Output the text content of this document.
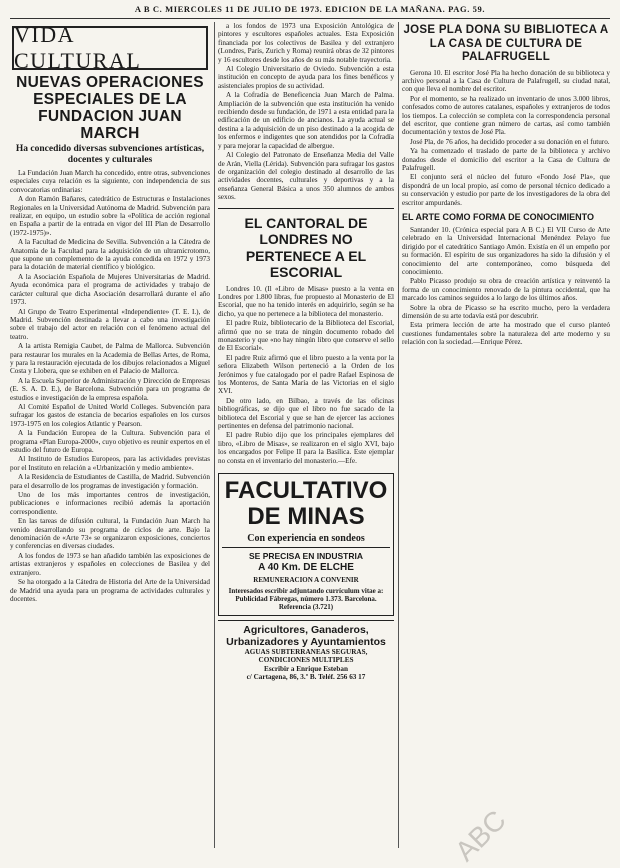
A B C. MIERCOLES 11 DE JULIO DE 1973. EDICION DE LA MAÑANA. PAG. 59.
VIDA CULTURAL
NUEVAS OPERACIONES ESPECIALES DE LA FUNDACION JUAN MARCH
Ha concedido diversas subvenciones artísticas, docentes y culturales

La Fundación Juan March ha concedido, entre otras, subvenciones especiales cuya relación es la siguiente, con independencia de sus convocatorias ordinarias:

A don Ramón Bañares, catedrático de Estructuras e Instalaciones Regionales en la Universidad Autónoma de Madrid. Subvención para realizar, en equipo, un estudio sobre la «Política de acción regional en España a partir de la entrada en vigor del III Plan de Desarrollo (1972-1975)».

A la Facultad de Medicina de Sevilla. Subvención a la Cátedra de Anatomía de la Facultad para la adquisición de un ultramicrotomo, que supone un complemento de la ayuda concedida en 1972 y 1973 para la dotación de material científico y biológico.

A la Asociación Española de Mujeres Universitarias de Madrid. Ayuda económica para el programa de actividades y trabajo de carácter cultural que dicha Asociación desarrollará durante el año 1973.

Al Grupo de Teatro Experimental «Independiente» (T. E. I.), de Madrid. Subvención destinada a llevar a cabo una investigación sobre el trabajo del actor en relación con el fenómeno actual del teatro.

A la artista Remigia Caubet, de Palma de Mallorca. Subvención para restaurar los murales en la Academia de Bellas Artes, de Roma, y para la restauración ejecutada de los dibujos relacionados a Miguel Costa y Llobera, que se exhiben en el Palacio de Mallorca.

A la Escuela Superior de Administración y Dirección de Empresas (E. S. A. D. E.), de Barcelona. Subvención para un programa de estudios e investigación de la empresa española.

Al Comité Español de United World Colleges. Subvención para sufragar los gastos de estancia de becarios españoles en los cursos 1973-1975 en los colegios Atlantic y Pearson.

A la Fundación Europea de la Cultura. Subvención para el programa «Plan Europa-2000», cuyo objetivo es reunir expertos en el estudio del futuro de Europa.

Al Instituto de Estudios Europeos, para las actividades previstas por el Instituto en relación a «Urbanización y medio ambiente».

A la Residencia de Estudiantes de Castilla, de Madrid. Subvención para el desarrollo de los programas de investigación y formación.

Uno de los más importantes centros de investigación, publicaciones e informaciones recibió además la aportación correspondiente.

En las tareas de difusión cultural, la Fundación Juan March ha venido desarrollando su programa de ciclos de arte. Bajo la denominación de «Arte 73» se organizaron exposiciones, conciertos y conferencias en diversas ciudades.

A los fondos de 1973 se han añadido también las exposiciones de artistas extranjeros y españoles en colecciones de Basilea y del extranjero.

Se ha otorgado a la Cátedra de Historia del Arte de la Universidad de Madrid una ayuda para un programa de actividades culturales y docentes.

a los fondos de 1973 una Exposición Antológica de pintores y escultores españoles actuales. Esta Exposición financiada por los colectivos de Basilea y del extranjero (Londres, París, Zurich y Roma) reunirá obras de 32 pintores y 16 escultores desde los años de su más notable trayectoria.

Al Colegio Universitario de Oviedo. Subvención a esta institución en concepto de ayuda para los fines benéficos y asistenciales propios de su actividad.

A la Cofradía de Beneficencia Juan March de Palma. Ampliación de la subvención que esta institución ha venido recibiendo desde su fundación, de 1971 a esta entidad para la edificación de un edificio de ancianos. La ayuda actual se destina a la adquisición de un piso destinado a la acogida de los enfermos e indigentes que son atendidos por la Cofradía y para mejorar la capacidad de albergue.

Al Colegio del Patronato de Enseñanza Media del Valle de Arán, Viella (Lérida). Subvención para sufragar los gastos de organización del colegio destinado al desarrollo de las actividades docentes, culturales y deportivas y a la enseñanza General Básica a unos 350 alumnos de ambos sexos.

EL CANTORAL DE LONDRES NO PERTENECE A EL ESCORIAL

Londres 10. (Il «Libro de Misas» puesto a la venta en Londres por 1.800 libras, fue propuesto al Monasterio de El Escorial, que no ha tenido interés en adquirirlo, según se ha dicho, ya que no pertenece a la biblioteca del monasterio.

El padre Ruiz, bibliotecario de la Biblioteca del Escorial, afirmó que no se trata de ningún documento robado del monasterio y que «no hay ningún libro que conserve el sello de El Escorial».

El padre Ruiz afirmó que el libro puesto a la venta por la señora Elizabeth Wilson perteneció a la Orden de los Jerónimos y fue catalogado por el padre Rafael Espinosa de los Monteros, de Santa María de las Victorias en el siglo XVI.

De otro lado, en Bilbao, a través de las oficinas bibliográficas, se dijo que el libro no fue sacado de la biblioteca del Escorial y que se han de ejercer las acciones pertinentes en defensa del patrimonio nacional.

El padre Rubio dijo que los principales ejemplares del libro, «Libro de Misas», se realizaron en el siglo XVI, bajo los encargados por Felipe II para la Basílica. Este ejemplar no consta en el inventario del monasterio.—Efe.

FACULTATIVO DE MINAS
Con experiencia en sondeos
SE PRECISA EN INDUSTRIA
A 40 Km. DE ELCHE
REMUNERACION A CONVENIR
Interesados escribir adjuntando currículum vitae a: Publicidad Fábregas, número 1.373. Barcelona. Referencia (3.721)
Agricultores, Ganaderos, Urbanizadores y Ayuntamientos
AGUAS SUBTERRANEAS SEGURAS, CONDICIONES MULTIPLES
Escribir a Enrique Esteban
c/ Cartagena, 86, 3.º B. Teléf. 256 63 17
JOSE PLA DONA SU BIBLIOTECA A LA CASA DE CULTURA DE PALAFRUGELL

Gerona 10. El escritor José Pla ha hecho donación de su biblioteca y archivo personal a la Casa de Cultura de Palafrugell, su ciudad natal, con que lleva el nombre del escritor.

Por el momento, se ha realizado un inventario de unos 3.000 libros, confesados como de autores catalanes, españoles y extranjeros de todos los tiempos. La colección se completa con la correspondencia personal del escritor, que contiene gran número de cartas, así como también documentación y textos de José Pla.

José Pla, de 76 años, ha decidido proceder a su donación en el futuro.

Ya ha comenzado el traslado de parte de la biblioteca y archivo donados desde el domicilio del escritor a la Casa de Cultura de Palafrugell.

El conjunto será el núcleo del futuro «Fondo José Pla», que dispondrá de un local propio, así como de personal técnico dedicado a su conservación y estudio por parte de los investigadores de la obra del escritor ampurdanés.

EL ARTE COMO FORMA DE CONOCIMIENTO

Santander 10. (Crónica especial para A B C.) El VII Curso de Arte celebrado en la Universidad Internacional Menéndez Pelayo fue dirigido por el catedrático Santiago Amón. Existía en él un empeño por su formación. El espíritu de sus organizadores ha sido la difusión y el conocimiento del arte contemporáneo, como búsqueda del conocimiento.

Pablo Picasso produjo su obra de creación artística y reinventó la forma de un conocimiento renovado de la pintura occidental, que ha marcado los caminos seguidos a lo largo de los últimos años.

Sobre la obra de Picasso se ha escrito mucho, pero la verdadera dimensión de su arte todavía está por descubrir.

Esta primera lección de arte ha mostrado que el curso planteó cuestiones fundamentales sobre la naturaleza del arte moderno y su relación con la sociedad.—Enrique Pérez.

ABC
